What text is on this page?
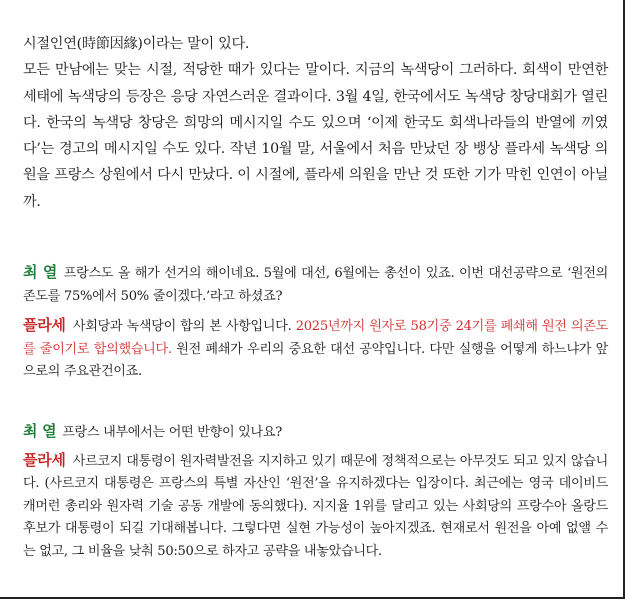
시절인연(時節因緣)이라는 말이 있다.

모든 만남에는 맞는 시절, 적당한 때가 있다는 말이다. 지금의 녹색당이 그러하다. 회색이 만연한 세태에 녹색당의 등장은 응당 자연스러운 결과이다. 3월 4일, 한국에서도 녹색당 창당대회가 열린다. 한국의 녹색당 창당은 희망의 메시지일 수도 있으며 ‘이제 한국도 회색나라들의 반열에 끼였다’는 경고의 메시지일 수도 있다. 작년 10월 말, 서울에서 처음 만났던 장 뱅상 플라세 녹색당 의원을 프랑스 상원에서 다시 만났다. 이 시절에, 플라세 의원을 만난 것 또한 기가 막힌 인연이 아닐까.

최 열 프랑스도 올 해가 선거의 해이네요. 5월에 대선, 6월에는 총선이 있죠. 이번 대선공략으로 ‘원전의존도를 75%에서 50% 줄이겠다.’라고 하셨죠?

플라세 사회당과 녹색당이 합의 본 사항입니다. 2025년까지 원자로 58기중 24기를 폐쇄해 원전 의존도를 줄이기로 합의했습니다. 원전 폐쇄가 우리의 중요한 대선 공약입니다. 다만 실행을 어떻게 하느냐가 앞으로의 주요관건이죠.

최 열 프랑스 내부에서는 어떤 반향이 있나요?

플라세 사르코지 대통령이 원자력발전을 지지하고 있기 때문에 정책적으로는 아무것도 되고 있지 않습니다. (사르코지 대통령은 프랑스의 특별 자산인 ‘원전’을 유지하겠다는 입장이다. 최근에는 영국 데이비드 캐머런 총리와 원자력 기술 공동 개발에 동의했다). 지지율 1위를 달리고 있는 사회당의 프랑수아 올랑드 후보가 대통령이 되길 기대해봅니다. 그렇다면 실현 가능성이 높아지겠죠. 현재로서 원전을 아예 없앨 수는 없고, 그 비율을 낮춰 50:50으로 하자고 공략을 내놓았습니다.
